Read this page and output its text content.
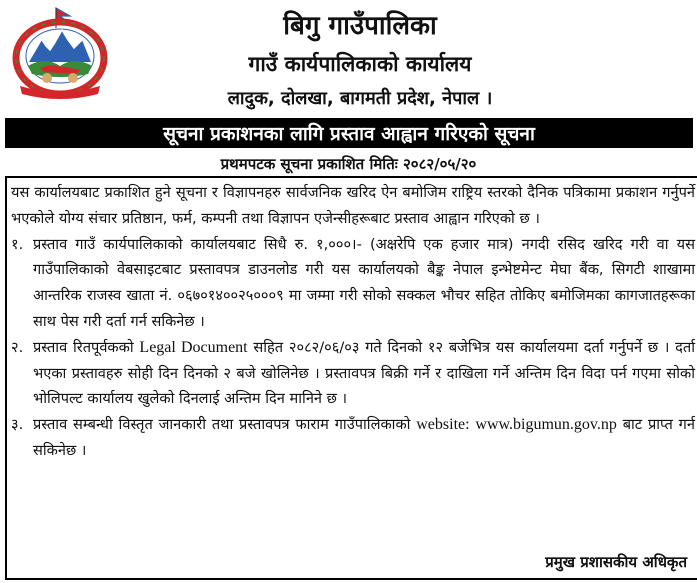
बिगु गाउँपालिका
गाउँ कार्यपालिकाको कार्यालय
लादुक, दोलखा, बागमती प्रदेश, नेपाल ।
सूचना प्रकाशनका लागि प्रस्ताव आह्वान गरिएको सूचना
प्रथमपटक सूचना प्रकाशित मितिः २०८२/०५/२०

यस कार्यालयबाट प्रकाशित हुने सूचना र विज्ञापनहरु सार्वजनिक खरिद ऐन बमोजिम राष्ट्रिय स्तरको दैनिक पत्रिकामा प्रकाशन गर्नुपर्ने भएकोले योग्य संचार प्रतिष्ठान, फर्म, कम्पनी तथा विज्ञापन एजेन्सीहरूबाट प्रस्ताव आह्वान गरिएको छ ।

१. प्रस्ताव गाउँ कार्यपालिकाको कार्यालयबाट सिधै रु. १,०००।- (अक्षरेपि एक हजार मात्र) नगदी रसिद खरिद गरी वा यस गाउँपालिकाको वेबसाइटबाट प्रस्तावपत्र डाउनलोड गरी यस कार्यालयको बैङ्क नेपाल इन्भेष्टमेन्ट मेघा बैंक, सिगटी शाखामा आन्तरिक राजस्व खाता नं. ०६७०१४००२५०००९ मा जम्मा गरी सोको सक्कल भौचर सहित तोकिए बमोजिमका कागजातहरूका साथ पेस गरी दर्ता गर्न सकिनेछ ।
२. प्रस्ताव रितपूर्वकको Legal Document सहित २०८२/०६/०३ गते दिनको १२ बजेभित्र यस कार्यालयमा दर्ता गर्नुपर्ने छ । दर्ता भएका प्रस्तावहरु सोही दिन दिनको २ बजे खोलिनेछ । प्रस्तावपत्र बिक्री गर्ने र दाखिला गर्ने अन्तिम दिन विदा पर्न गएमा सोको भोलिपल्ट कार्यालय खुलेको दिनलाई अन्तिम दिन मानिने छ ।
३. प्रस्ताव सम्बन्धी विस्तृत जानकारी तथा प्रस्तावपत्र फाराम गाउँपालिकाको website: www.bigumun.gov.np बाट प्राप्त गर्न सकिनेछ ।
प्रमुख प्रशासकीय अधिकृत
